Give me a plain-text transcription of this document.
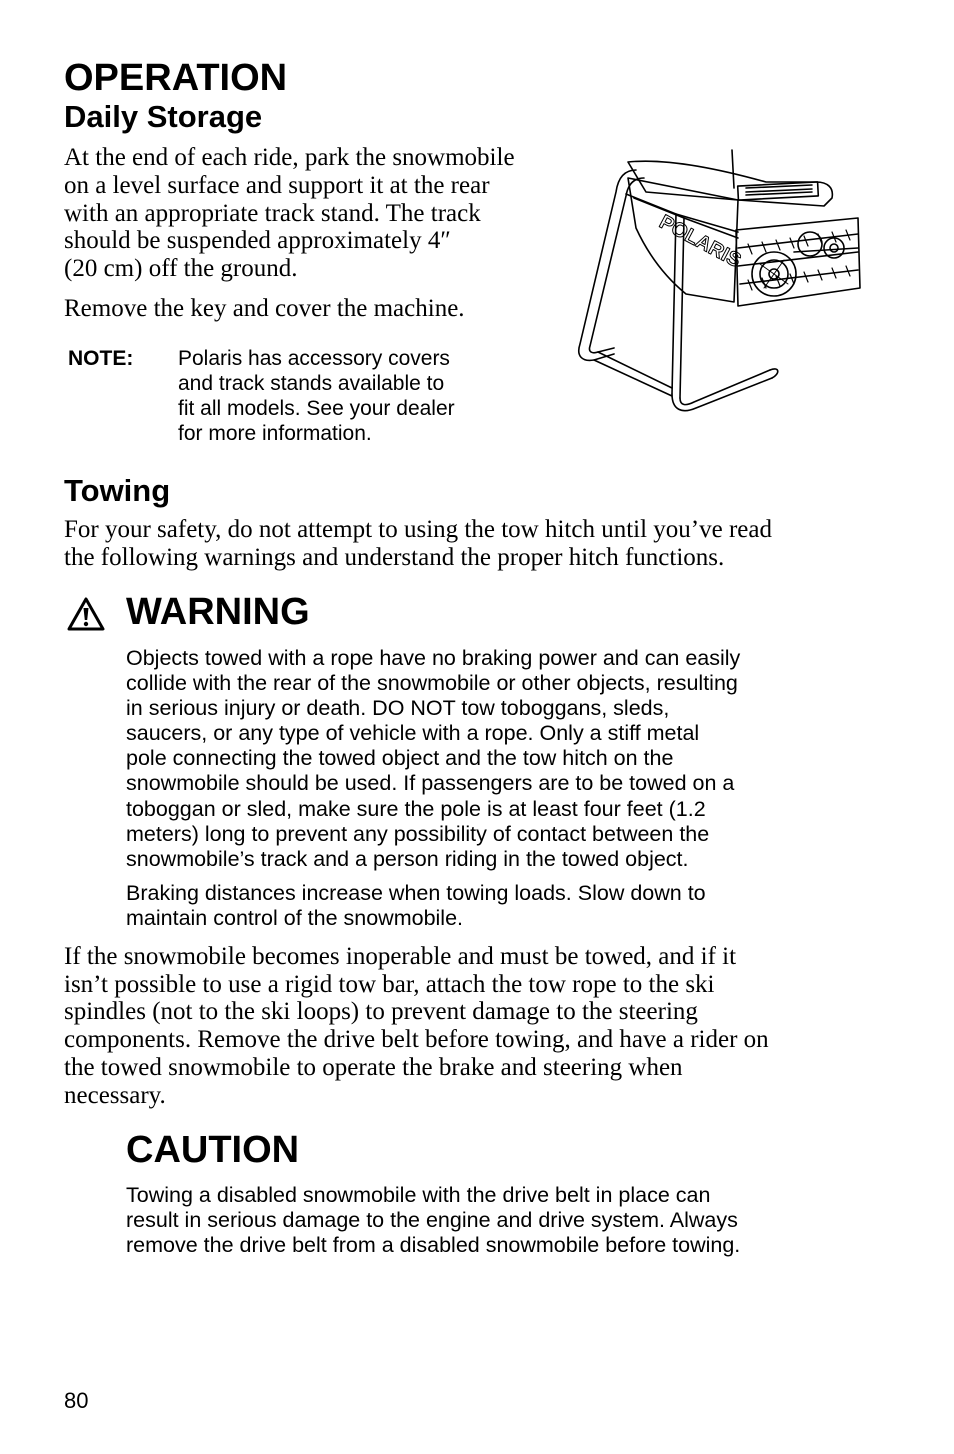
OPERATION
Daily Storage

At the end of each ride, park the snowmobile
on a level surface and support it at the rear
with an appropriate track stand. The track
should be suspended approximately 4″
(20 cm) off the ground.

Remove the key and cover the machine.

NOTE: Polaris has accessory covers
and track stands available to
fit all models. See your dealer
for more information.
POLARIS
Towing

For your safety, do not attempt to using the tow hitch until you’ve read
the following warnings and understand the proper hitch functions.

WARNING

Objects towed with a rope have no braking power and can easily
collide with the rear of the snowmobile or other objects, resulting
in serious injury or death. DO NOT tow toboggans, sleds,
saucers, or any type of vehicle with a rope. Only a stiff metal
pole connecting the towed object and the tow hitch on the
snowmobile should be used. If passengers are to be towed on a
toboggan or sled, make sure the pole is at least four feet (1.2
meters) long to prevent any possibility of contact between the
snowmobile’s track and a person riding in the towed object.

Braking distances increase when towing loads. Slow down to
maintain control of the snowmobile.

If the snowmobile becomes inoperable and must be towed, and if it
isn’t possible to use a rigid tow bar, attach the tow rope to the ski
spindles (not to the ski loops) to prevent damage to the steering
components. Remove the drive belt before towing, and have a rider on
the towed snowmobile to operate the brake and steering when
necessary.

CAUTION

Towing a disabled snowmobile with the drive belt in place can
result in serious damage to the engine and drive system. Always
remove the drive belt from a disabled snowmobile before towing.

80
